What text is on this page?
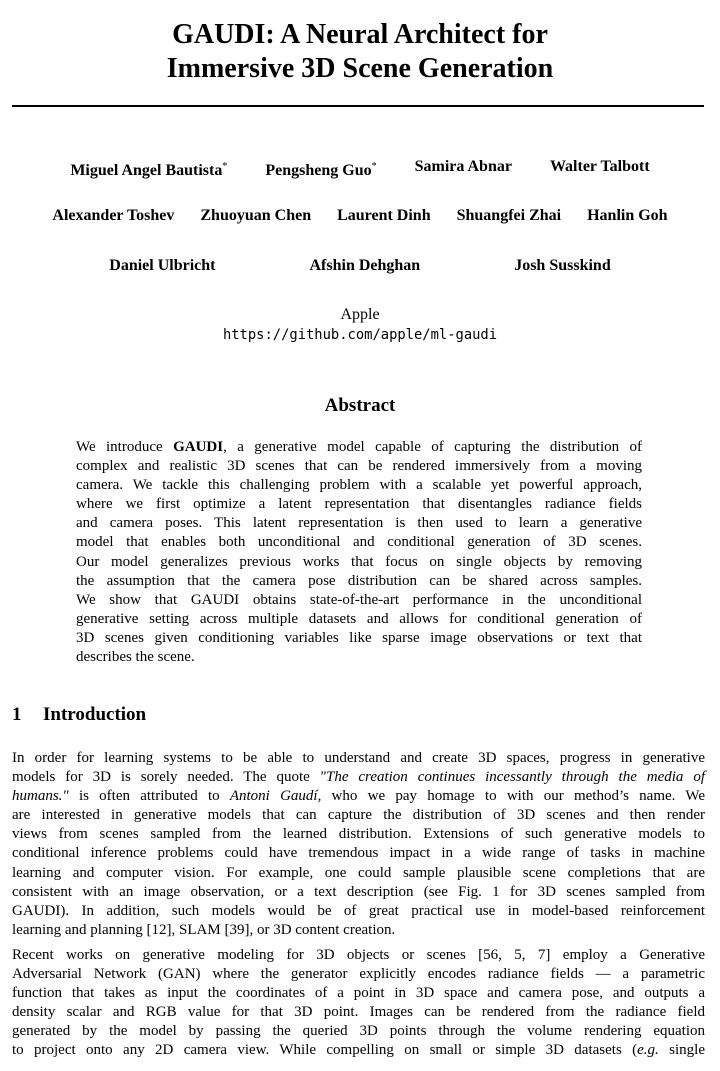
GAUDI: A Neural Architect for
Immersive 3D Scene Generation
Miguel Angel Bautista* Pengsheng Guo* Samira Abnar Walter Talbott
Alexander Toshev Zhuoyuan Chen Laurent Dinh Shuangfei Zhai Hanlin Goh
Daniel Ulbricht	Afshin Dehghan	Josh Susskind
Apple
https://github.com/apple/ml-gaudi
Abstract
We introduce GAUDI, a generative model capable of capturing the distribution of
complex and realistic 3D scenes that can be rendered immersively from a moving
camera. We tackle this challenging problem with a scalable yet powerful approach,
where we first optimize a latent representation that disentangles radiance fields
and camera poses. This latent representation is then used to learn a generative
model that enables both unconditional and conditional generation of 3D scenes.
Our model generalizes previous works that focus on single objects by removing
the assumption that the camera pose distribution can be shared across samples.
We show that GAUDI obtains state-of-the-art performance in the unconditional
generative setting across multiple datasets and allows for conditional generation of
3D scenes given conditioning variables like sparse image observations or text that
describes the scene.
1 Introduction
In order for learning systems to be able to understand and create 3D spaces, progress in generative
models for 3D is sorely needed. The quote "The creation continues incessantly through the media of
humans." is often attributed to Antoni Gaudí, who we pay homage to with our method’s name. We
are interested in generative models that can capture the distribution of 3D scenes and then render
views from scenes sampled from the learned distribution. Extensions of such generative models to
conditional inference problems could have tremendous impact in a wide range of tasks in machine
learning and computer vision. For example, one could sample plausible scene completions that are
consistent with an image observation, or a text description (see Fig. 1 for 3D scenes sampled from
GAUDI). In addition, such models would be of great practical use in model-based reinforcement
learning and planning [12], SLAM [39], or 3D content creation.
Recent works on generative modeling for 3D objects or scenes [56, 5, 7] employ a Generative
Adversarial Network (GAN) where the generator explicitly encodes radiance fields — a parametric
function that takes as input the coordinates of a point in 3D space and camera pose, and outputs a
density scalar and RGB value for that 3D point. Images can be rendered from the radiance field
generated by the model by passing the queried 3D points through the volume rendering equation
to project onto any 2D camera view. While compelling on small or simple 3D datasets (e.g. single
